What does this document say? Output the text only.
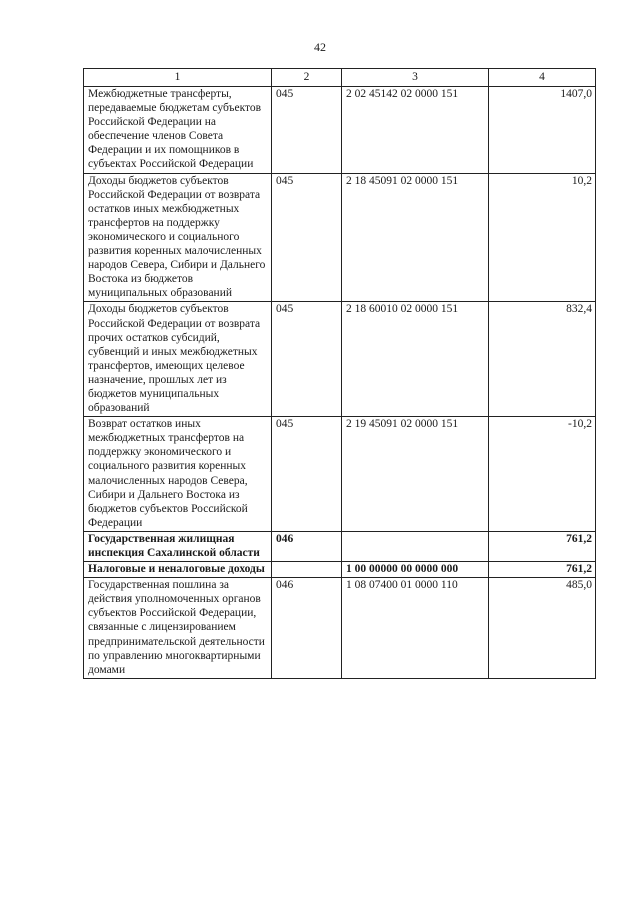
42
1	2	3	4
Межбюджетные трансферты, передаваемые бюджетам субъектов Российской Федерации на обеспечение членов Совета Федерации и их помощников в субъектах Российской Федерации	045	2 02 45142 02 0000 151	1407,0
Доходы бюджетов субъектов Российской Федерации от возврата остатков иных межбюджетных трансфертов на поддержку экономического и социального развития коренных малочисленных народов Севера, Сибири и Дальнего Востока из бюджетов муниципальных образований	045	2 18 45091 02 0000 151	10,2
Доходы бюджетов субъектов Российской Федерации от возврата прочих остатков субсидий, субвенций и иных межбюджетных трансфертов, имеющих целевое назначение, прошлых лет из бюджетов муниципальных образований	045	2 18 60010 02 0000 151	832,4
Возврат остатков иных межбюджетных трансфертов на поддержку экономического и социального развития коренных малочисленных народов Севера, Сибири и Дальнего Востока из бюджетов субъектов Российской Федерации	045	2 19 45091 02 0000 151	-10,2
Государственная жилищная инспекция Сахалинской области	046		761,2
Налоговые и неналоговые доходы		1 00 00000 00 0000 000	761,2
Государственная пошлина за действия уполномоченных органов субъектов Российской Федерации, связанные с лицензированием предпринимательской деятельности по управлению многоквартирными домами	046	1 08 07400 01 0000 110	485,0
